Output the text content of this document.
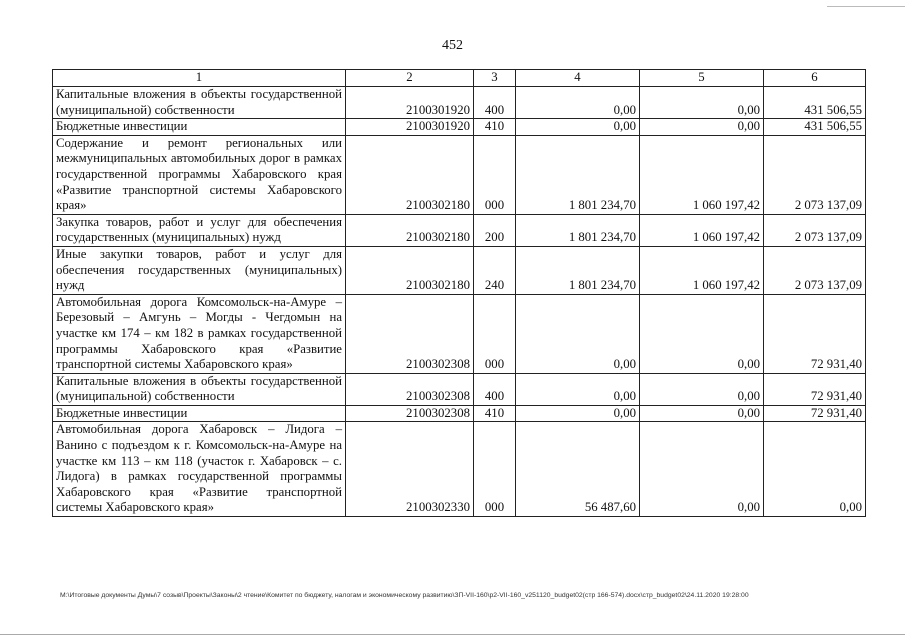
452
1	2	3	4	5	6
Капитальные вложения в объекты государственной (муниципальной) собственности	2100301920	400	0,00	0,00	431 506,55
Бюджетные инвестиции	2100301920	410	0,00	0,00	431 506,55
Содержание и ремонт региональных или межмуниципальных автомобильных дорог в рамках государственной программы Хабаровского края «Развитие транспортной системы Хабаровского края»	2100302180	000	1 801 234,70	1 060 197,42	2 073 137,09
Закупка товаров, работ и услуг для обеспечения государственных (муниципальных) нужд	2100302180	200	1 801 234,70	1 060 197,42	2 073 137,09
Иные закупки товаров, работ и услуг для обеспечения государственных (муниципальных) нужд	2100302180	240	1 801 234,70	1 060 197,42	2 073 137,09
Автомобильная дорога Комсомольск-на-Амуре – Березовый – Амгунь – Могды - Чегдомын на участке км 174 – км 182 в рамках государственной программы Хабаровского края «Развитие транспортной системы Хабаровского края»	2100302308	000	0,00	0,00	72 931,40
Капитальные вложения в объекты государственной (муниципальной) собственности	2100302308	400	0,00	0,00	72 931,40
Бюджетные инвестиции	2100302308	410	0,00	0,00	72 931,40
Автомобильная дорога Хабаровск – Лидога – Ванино с подъездом к г. Комсомольск-на-Амуре на участке км 113 – км 118 (участок г. Хабаровск – с. Лидога) в рамках государственной программы Хабаровского края «Развитие транспортной системы Хабаровского края»	2100302330	000	56 487,60	0,00	0,00
M:\Итоговые документы Думы\7 созыв\Проекты\Законы\2 чтение\Комитет по бюджету, налогам и экономическому развитию\ЗП-VII-160\р2-VII-160_v251120_budget02(стр 166-574).docx\стр_budget02\24.11.2020 19:28:00
